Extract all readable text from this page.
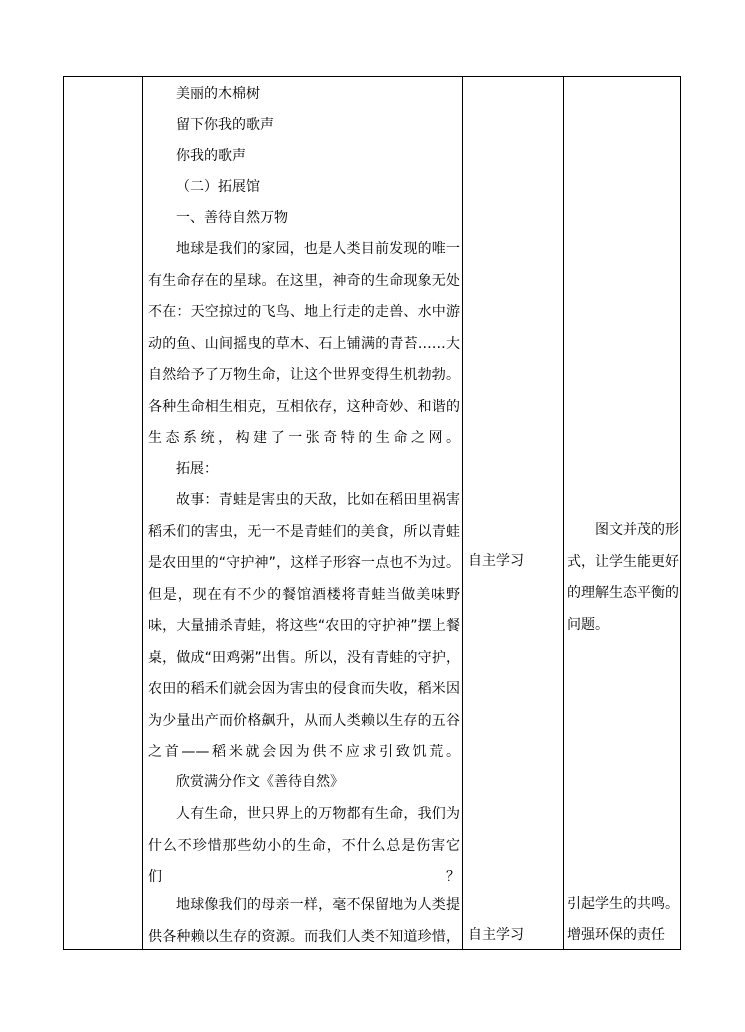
美丽的木棉树
留下你我的歌声
你我的歌声
（二）拓展馆
一、善待自然万物
地球是我们的家园，也是人类目前发现的唯一有生命存在的星球。在这里，神奇的生命现象无处不在：天空掠过的飞鸟、地上行走的走兽、水中游动的鱼、山间摇曳的草木、石上铺满的青苔……大自然给予了万物生命，让这个世界变得生机勃勃。各种生命相生相克，互相依存，这种奇妙、和谐的生态系统，构建了一张奇特的生命之网。
拓展：
故事：青蛙是害虫的天敌，比如在稻田里祸害稻禾们的害虫，无一不是青蛙们的美食，所以青蛙是农田里的“守护神”，这样子形容一点也不为过。但是，现在有不少的餐馆酒楼将青蛙当做美味野味，大量捕杀青蛙，将这些“农田的守护神”摆上餐桌，做成“田鸡粥”出售。所以，没有青蛙的守护，农田的稻禾们就会因为害虫的侵食而失收，稻米因为少量出产而价格飙升，从而人类赖以生存的五谷之首——稻米就会因为供不应求引致饥荒。
欣赏满分作文《善待自然》
人有生命，世只界上的万物都有生命，我们为什么不珍惜那些幼小的生命，不什么总是伤害它们？
地球像我们的母亲一样，毫不保留地为人类提供各种赖以生存的资源。而我们人类不知道珍惜，
自主学习
自主学习
图文并茂的形式，让学生能更好的理解生态平衡的问题。
引起学生的共鸣。
增强环保的责任
